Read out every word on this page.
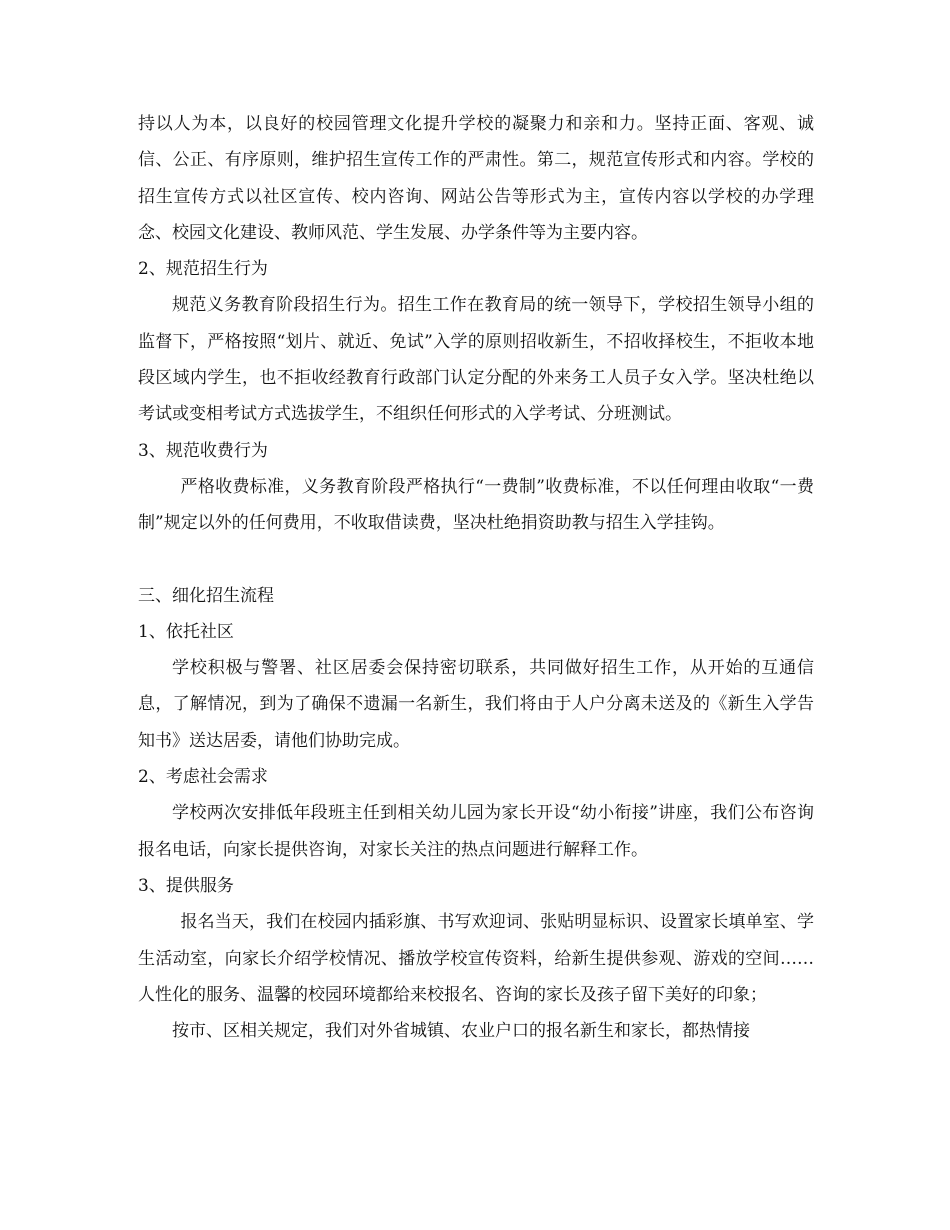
持以人为本，以良好的校园管理文化提升学校的凝聚力和亲和力。坚持正面、客观、诚信、公正、有序原则，维护招生宣传工作的严肃性。第二，规范宣传形式和内容。学校的招生宣传方式以社区宣传、校内咨询、网站公告等形式为主，宣传内容以学校的办学理念、校园文化建设、教师风范、学生发展、办学条件等为主要内容。

2、规范招生行为

规范义务教育阶段招生行为。招生工作在教育局的统一领导下，学校招生领导小组的监督下，严格按照“划片、就近、免试”入学的原则招收新生，不招收择校生，不拒收本地段区域内学生，也不拒收经教育行政部门认定分配的外来务工人员子女入学。坚决杜绝以考试或变相考试方式选拔学生，不组织任何形式的入学考试、分班测试。

3、规范收费行为

严格收费标准，义务教育阶段严格执行“一费制”收费标准，不以任何理由收取“一费制”规定以外的任何费用，不收取借读费，坚决杜绝捐资助教与招生入学挂钩。

三、细化招生流程

1、依托社区

学校积极与警署、社区居委会保持密切联系，共同做好招生工作，从开始的互通信息，了解情况，到为了确保不遗漏一名新生，我们将由于人户分离未送及的《新生入学告知书》送达居委，请他们协助完成。

2、考虑社会需求

学校两次安排低年段班主任到相关幼儿园为家长开设“幼小衔接”讲座，我们公布咨询报名电话，向家长提供咨询，对家长关注的热点问题进行解释工作。

3、提供服务

报名当天，我们在校园内插彩旗、书写欢迎词、张贴明显标识、设置家长填单室、学生活动室，向家长介绍学校情况、播放学校宣传资料，给新生提供参观、游戏的空间……人性化的服务、温馨的校园环境都给来校报名、咨询的家长及孩子留下美好的印象；

按市、区相关规定，我们对外省城镇、农业户口的报名新生和家长，都热情接
